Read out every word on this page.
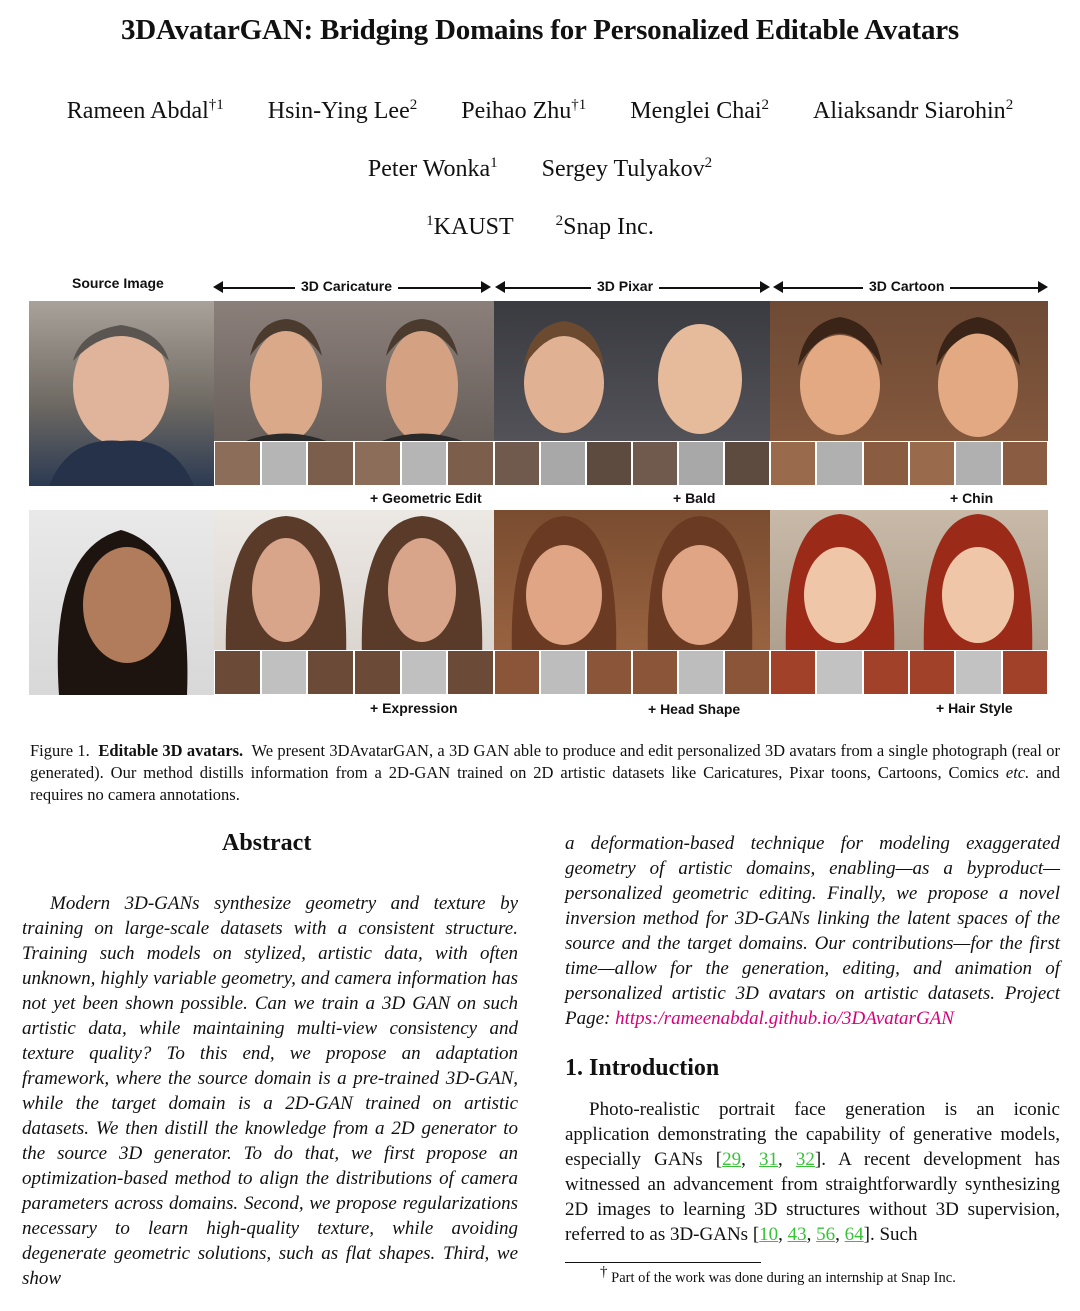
3DAvatarGAN: Bridging Domains for Personalized Editable Avatars
Rameen Abdal$^{\dagger 1}$ Hsin-Ying Lee$^2$ Peihao Zhu$^{\dagger 1}$ Menglei Chai$^2$ Aliaksandr Siarohin$^2$
Peter Wonka$^1$ Sergey Tulyakov$^2$
$^1$KAUST	$^2$Snap Inc.
Source Image	3D Caricature	3D Pixar	3D Cartoon
+ Geometric Edit	+ Bald	+ Chin
+ Expression	+ Head Shape	+ Hair Style
Figure 1. Editable 3D avatars. We present 3DAvatarGAN, a 3D GAN able to produce and edit personalized 3D avatars from a single photograph (real or generated). Our method distills information from a 2D-GAN trained on 2D artistic datasets like Caricatures, Pixar toons, Cartoons, Comics etc. and requires no camera annotations.
Abstract
Modern 3D-GANs synthesize geometry and texture by training on large-scale datasets with a consistent structure. Training such models on stylized, artistic data, with often unknown, highly variable geometry, and camera information has not yet been shown possible. Can we train a 3D GAN on such artistic data, while maintaining multi-view consistency and texture quality? To this end, we propose an adaptation framework, where the source domain is a pre-trained 3D-GAN, while the target domain is a 2D-GAN trained on artistic datasets. We then distill the knowledge from a 2D generator to the source 3D generator. To do that, we first propose an optimization-based method to align the distributions of camera parameters across domains. Second, we propose regularizations necessary to learn high-quality texture, while avoiding degenerate geometric solutions, such as flat shapes. Third, we show
a deformation-based technique for modeling exaggerated geometry of artistic domains, enabling—as a byproduct—personalized geometric editing. Finally, we propose a novel inversion method for 3D-GANs linking the latent spaces of the source and the target domains. Our contributions—for the first time—allow for the generation, editing, and animation of personalized artistic 3D avatars on artistic datasets. Project Page: https:/rameenabdal.github.io/3DAvatarGAN
1. Introduction
Photo-realistic portrait face generation is an iconic application demonstrating the capability of generative models, especially GANs [29, 31, 32]. A recent development has witnessed an advancement from straightforwardly synthesizing 2D images to learning 3D structures without 3D supervision, referred to as 3D-GANs [10, 43, 56, 64]. Such
† Part of the work was done during an internship at Snap Inc.
